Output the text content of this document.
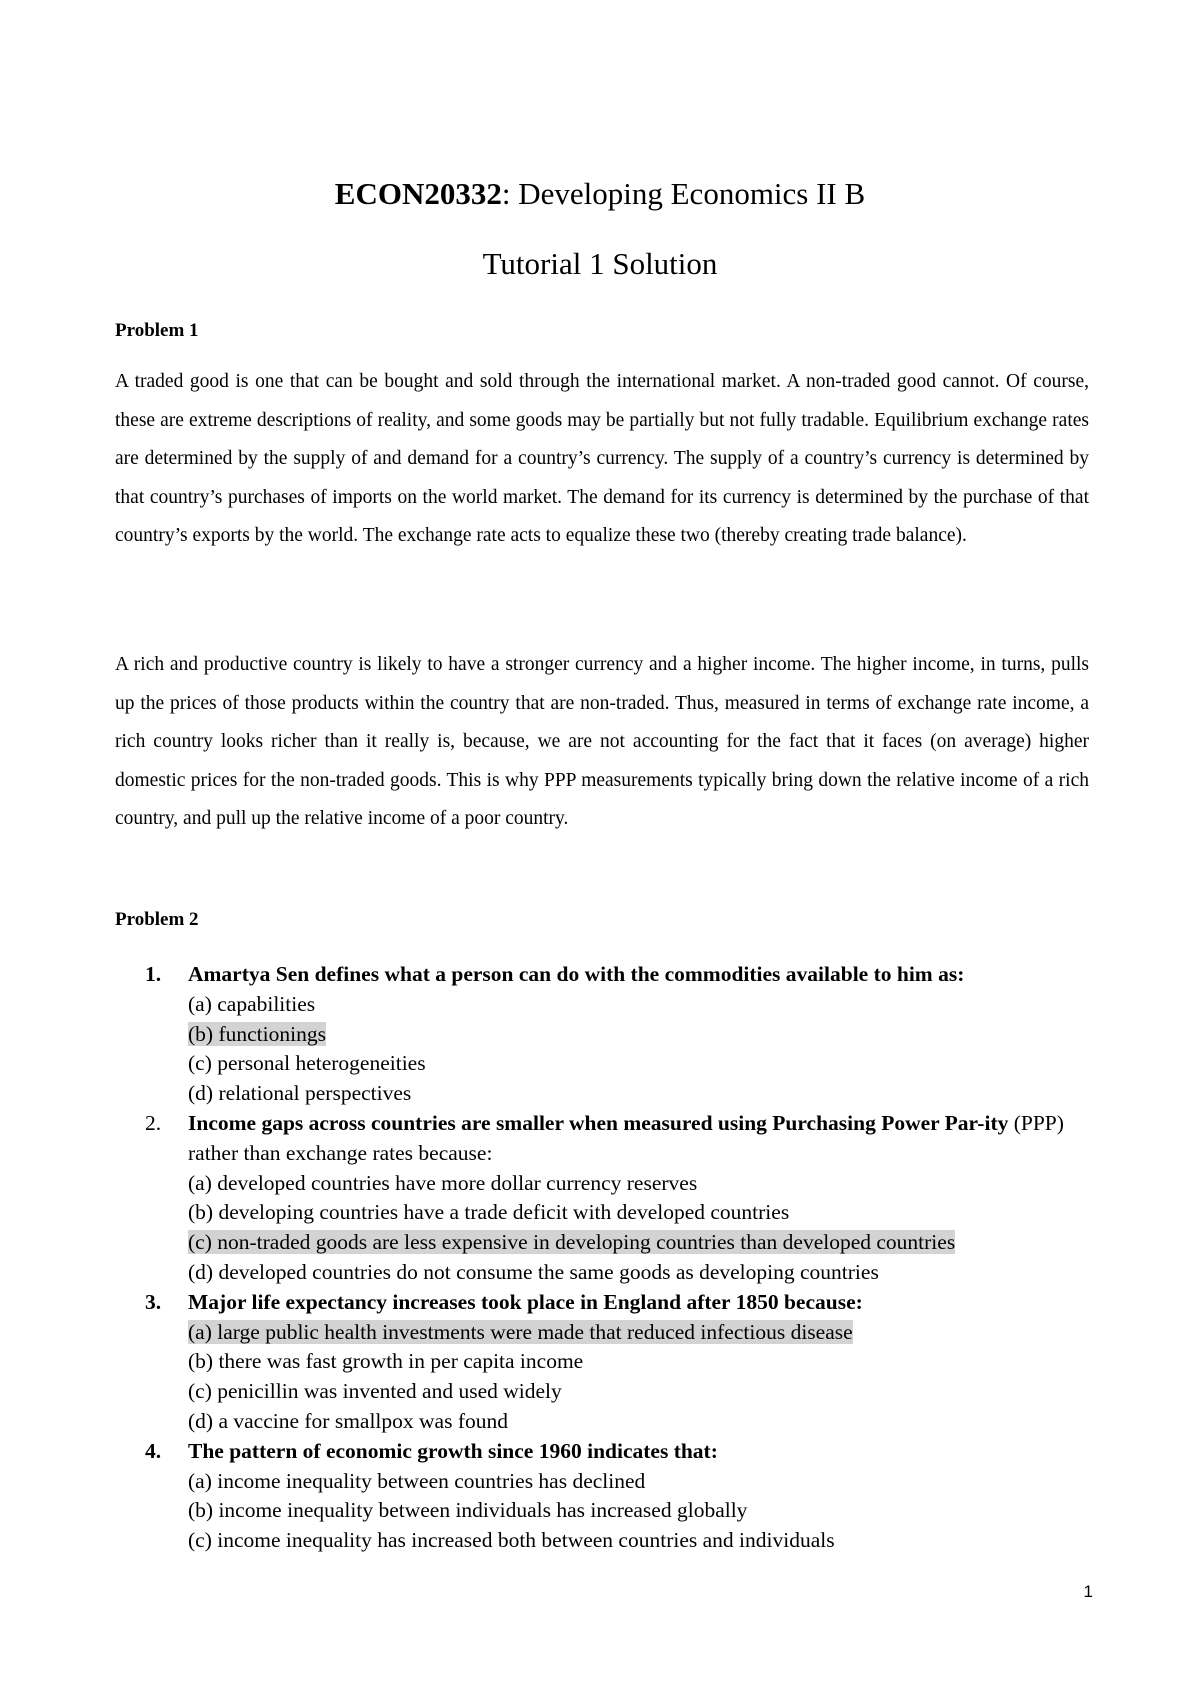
ECON20332: Developing Economics II B
Tutorial 1 Solution
Problem 1

A traded good is one that can be bought and sold through the international market. A non-traded good cannot. Of course, these are extreme descriptions of reality, and some goods may be partially but not fully tradable. Equilibrium exchange rates are determined by the supply of and demand for a country’s currency. The supply of a country’s currency is determined by that country’s purchases of imports on the world market. The demand for its currency is determined by the purchase of that country’s exports by the world. The exchange rate acts to equalize these two (thereby creating trade balance).

A rich and productive country is likely to have a stronger currency and a higher income. The higher income, in turns, pulls up the prices of those products within the country that are non-traded. Thus, measured in terms of exchange rate income, a rich country looks richer than it really is, because, we are not accounting for the fact that it faces (on average) higher domestic prices for the non-traded goods. This is why PPP measurements typically bring down the relative income of a rich country, and pull up the relative income of a poor country.

Problem 2
1.	Amartya Sen defines what a person can do with the commodities available to him as:
(a) capabilities
(b) functionings
(c) personal heterogeneities
(d) relational perspectives
2.	Income gaps across countries are smaller when measured using Purchasing Power Par-ity (PPP) rather than exchange rates because:
(a) developed countries have more dollar currency reserves
(b) developing countries have a trade deficit with developed countries
(c) non-traded goods are less expensive in developing countries than developed countries
(d) developed countries do not consume the same goods as developing countries
3.	Major life expectancy increases took place in England after 1850 because:
(a) large public health investments were made that reduced infectious disease
(b) there was fast growth in per capita income
(c) penicillin was invented and used widely
(d) a vaccine for smallpox was found
4.	The pattern of economic growth since 1960 indicates that:
(a) income inequality between countries has declined
(b) income inequality between individuals has increased globally
(c) income inequality has increased both between countries and individuals
1
